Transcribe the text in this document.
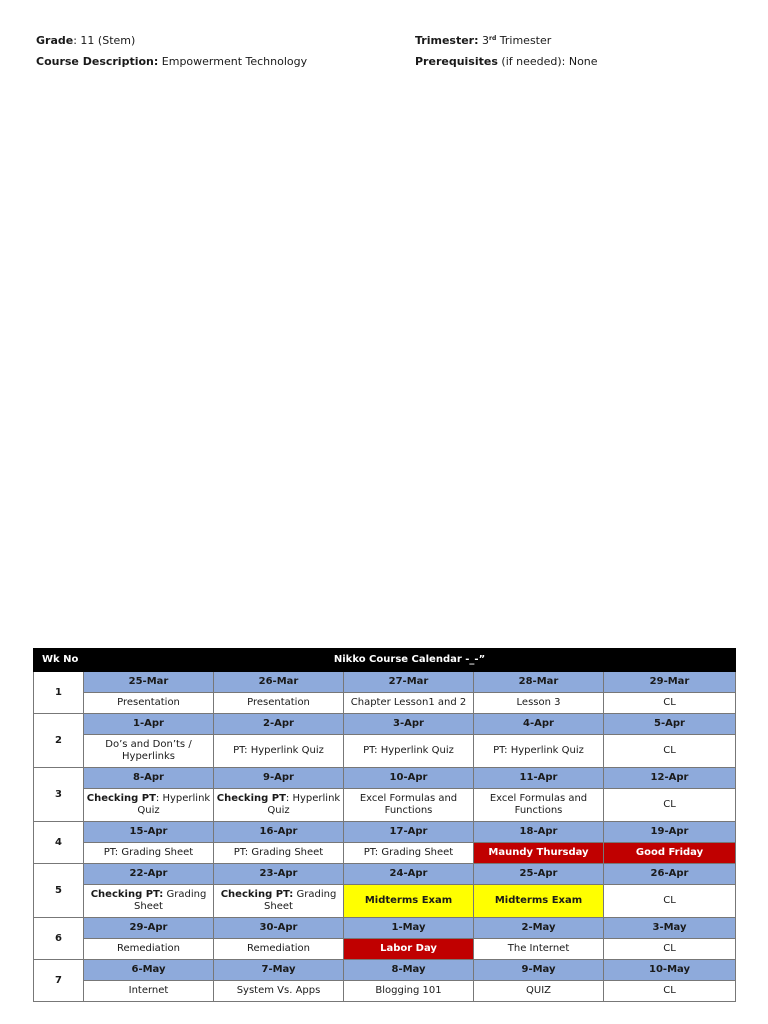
Grade: 11 (Stem)
Course Description: Empowerment Technology
Trimester: 3rd Trimester
Prerequisites (if needed): None
Wk No	Nikko Course Calendar -_-”				
1	25-Mar	26-Mar	27-Mar	28-Mar	29-Mar
	Presentation	Presentation	Chapter Lesson1 and 2	Lesson 3	CL
2	1-Apr	2-Apr	3-Apr	4-Apr	5-Apr
	Do’s and Don’ts / Hyperlinks	PT: Hyperlink Quiz	PT: Hyperlink Quiz	PT: Hyperlink Quiz	CL
3	8-Apr	9-Apr	10-Apr	11-Apr	12-Apr
	Checking PT: Hyperlink Quiz	Checking PT: Hyperlink Quiz	Excel Formulas and Functions	Excel Formulas and Functions	CL
4	15-Apr	16-Apr	17-Apr	18-Apr	19-Apr
	PT: Grading Sheet	PT: Grading Sheet	PT: Grading Sheet	Maundy Thursday	Good Friday
5	22-Apr	23-Apr	24-Apr	25-Apr	26-Apr
	Checking PT: Grading Sheet	Checking PT: Grading Sheet	Midterms Exam	Midterms Exam	CL
6	29-Apr	30-Apr	1-May	2-May	3-May
	Remediation	Remediation	Labor Day	The Internet	CL
7	6-May	7-May	8-May	9-May	10-May
	Internet	System Vs. Apps	Blogging 101	QUIZ	CL
